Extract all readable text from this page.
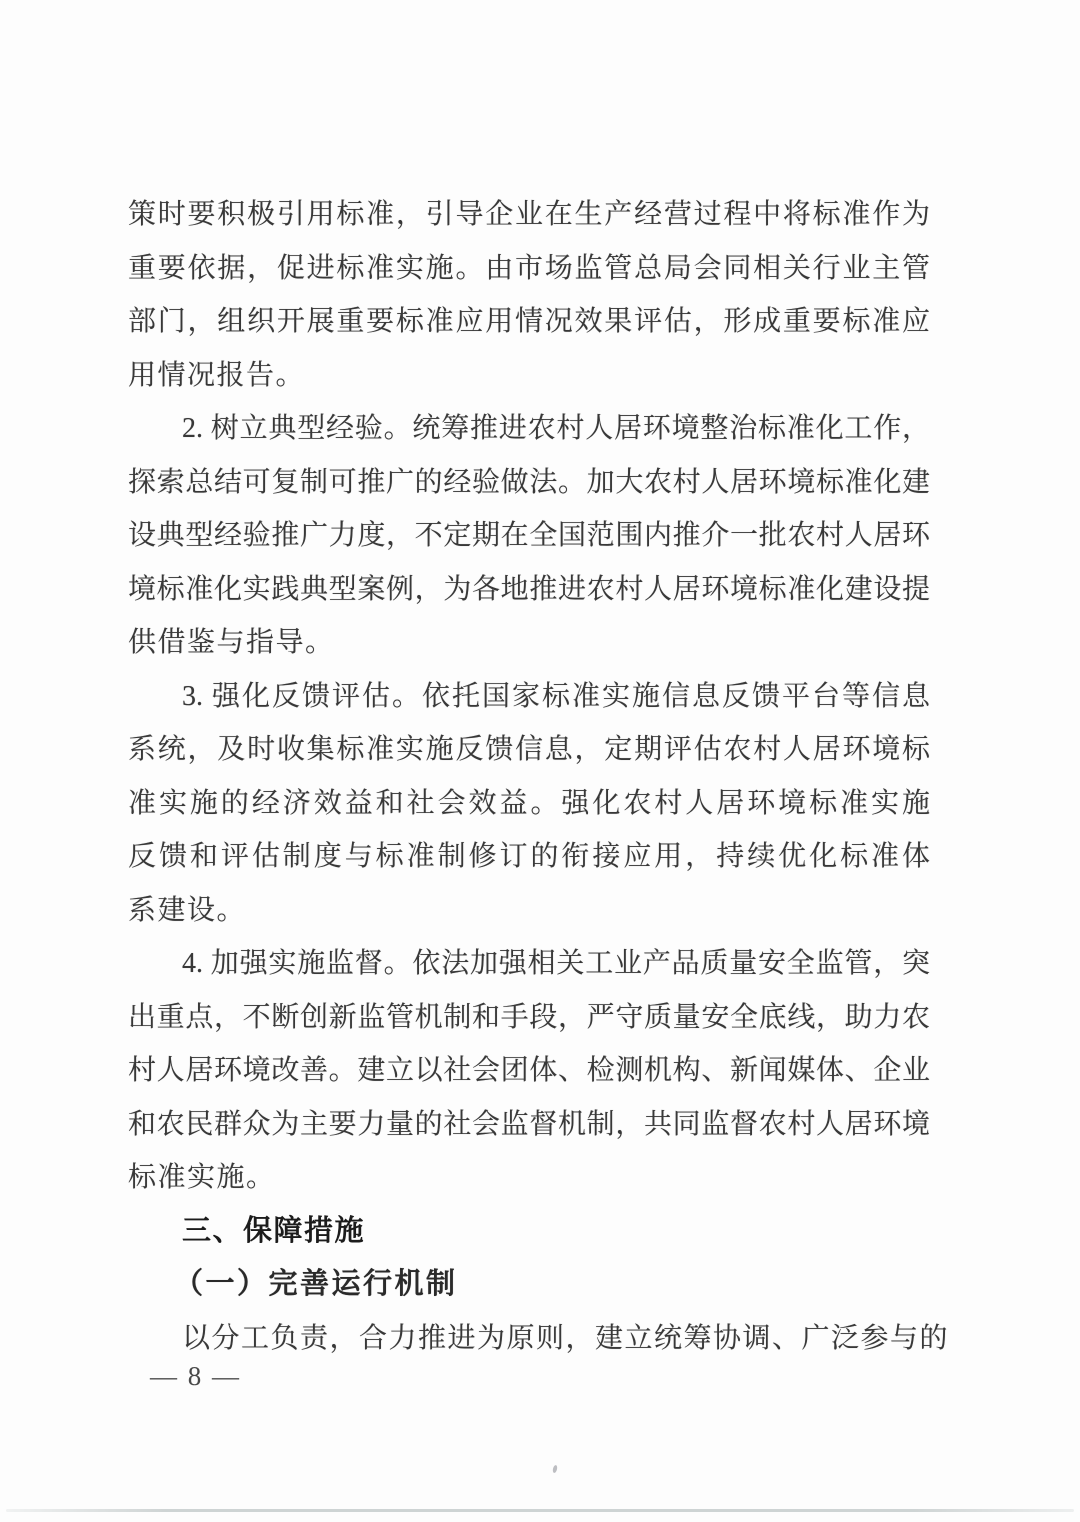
策时要积极引用标准，引导企业在生产经营过程中将标准作为
重要依据，促进标准实施。由市场监管总局会同相关行业主管
部门，组织开展重要标准应用情况效果评估，形成重要标准应
用情况报告。
2. 树立典型经验。统筹推进农村人居环境整治标准化工作，
探索总结可复制可推广的经验做法。加大农村人居环境标准化建
设典型经验推广力度，不定期在全国范围内推介一批农村人居环
境标准化实践典型案例，为各地推进农村人居环境标准化建设提
供借鉴与指导。
3. 强化反馈评估。依托国家标准实施信息反馈平台等信息
系统，及时收集标准实施反馈信息，定期评估农村人居环境标
准实施的经济效益和社会效益。强化农村人居环境标准实施
反馈和评估制度与标准制修订的衔接应用，持续优化标准体
系建设。
4. 加强实施监督。依法加强相关工业产品质量安全监管，突
出重点，不断创新监管机制和手段，严守质量安全底线，助力农
村人居环境改善。建立以社会团体、检测机构、新闻媒体、企业
和农民群众为主要力量的社会监督机制，共同监督农村人居环境
标准实施。
三、保障措施
（一）完善运行机制
以分工负责，合力推进为原则，建立统筹协调、广泛参与的
— 8 —
